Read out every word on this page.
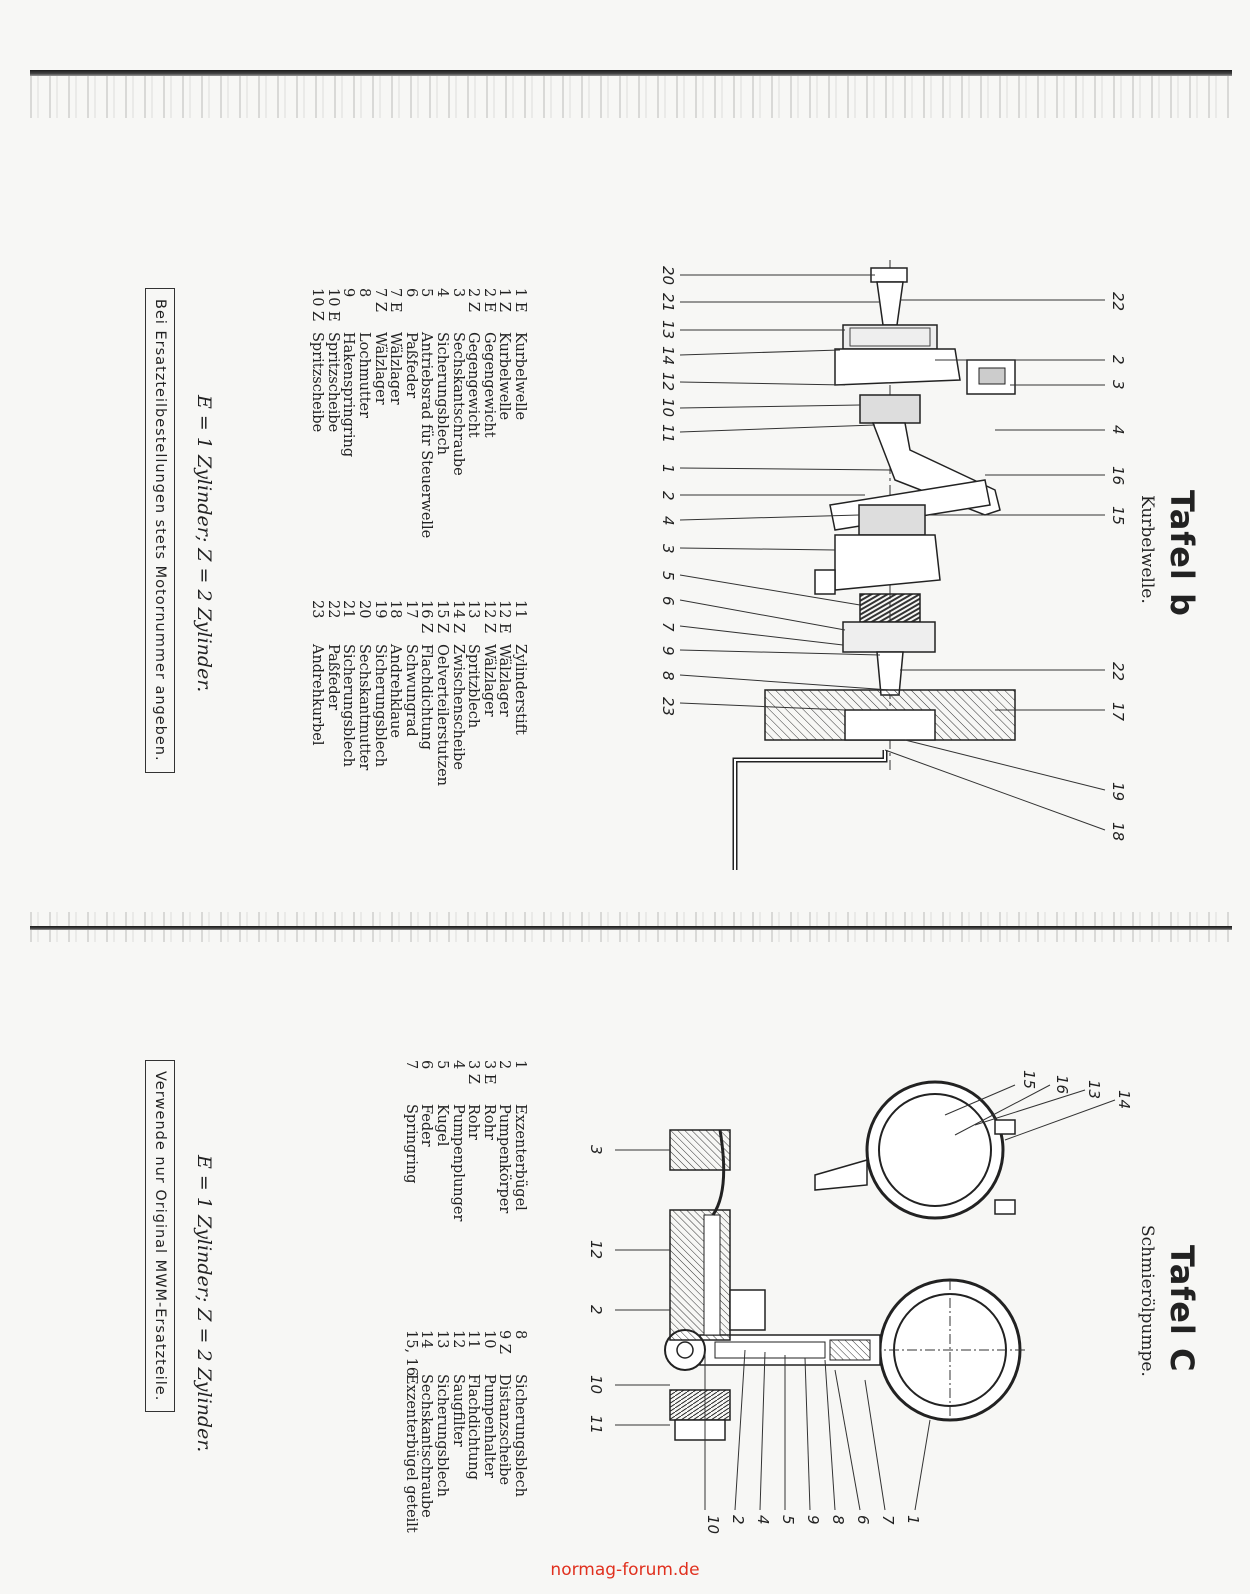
Tafel b
Kurbelwelle.
22
2
3
4
16
15
22
17
19
18
20
21
13
14
12
10
11
1
2
4
3
5
6
7
9
8
23
1 E
Kurbelwelle
1 Z
Kurbelwelle
2 E
Gegengewicht
2 Z
Gegengewicht
3
Sechskantschraube
4
Sicherungsblech
5
Antriebsrad für Steuerwelle
6
Paßfeder
7 E
Wälzlager
7 Z
Wälzlager
8
Lochmutter
9
Hakenspringring
10 E
Spritzscheibe
10 Z
Spritzscheibe
11
Zylinderstift
12 E
Wälzlager
12 Z
Wälzlager
13
Spritzblech
14 Z
Zwischenscheibe
15 Z
Oelverteilerstutzen
16 Z
Flachdichtung
17
Schwungrad
18
Andrehklaue
19
Sicherungsblech
20
Sechskantmutter
21
Sicherungsblech
22
Paßfeder
23
Andrehkurbel
E = 1 Zylinder; Z = 2 Zylinder.
Bei Ersatzteilbestellungen stets Motornummer angeben.
Tafel C
Schmierölpumpe.
14
13
16
15
3
12
2
10
11
1
7
6
8
9
5
4
2
10
1
Exzenterbügel
2
Pumpenkörper
3 E
Rohr
3 Z
Rohr
4
Pumpenplunger
5
Kugel
6
Feder
7
Springring
8
Sicherungsblech
9 Z
Distanzscheibe
10
Pumpenhalter
11
Flachdichtung
12
Saugfilter
13
Sicherungsblech
14
Sechskantschraube
15, 16
Exzenterbügel geteilt
E = 1 Zylinder; Z = 2 Zylinder.
Verwende nur Original MWM-Ersatzteile.
normag-forum.de
